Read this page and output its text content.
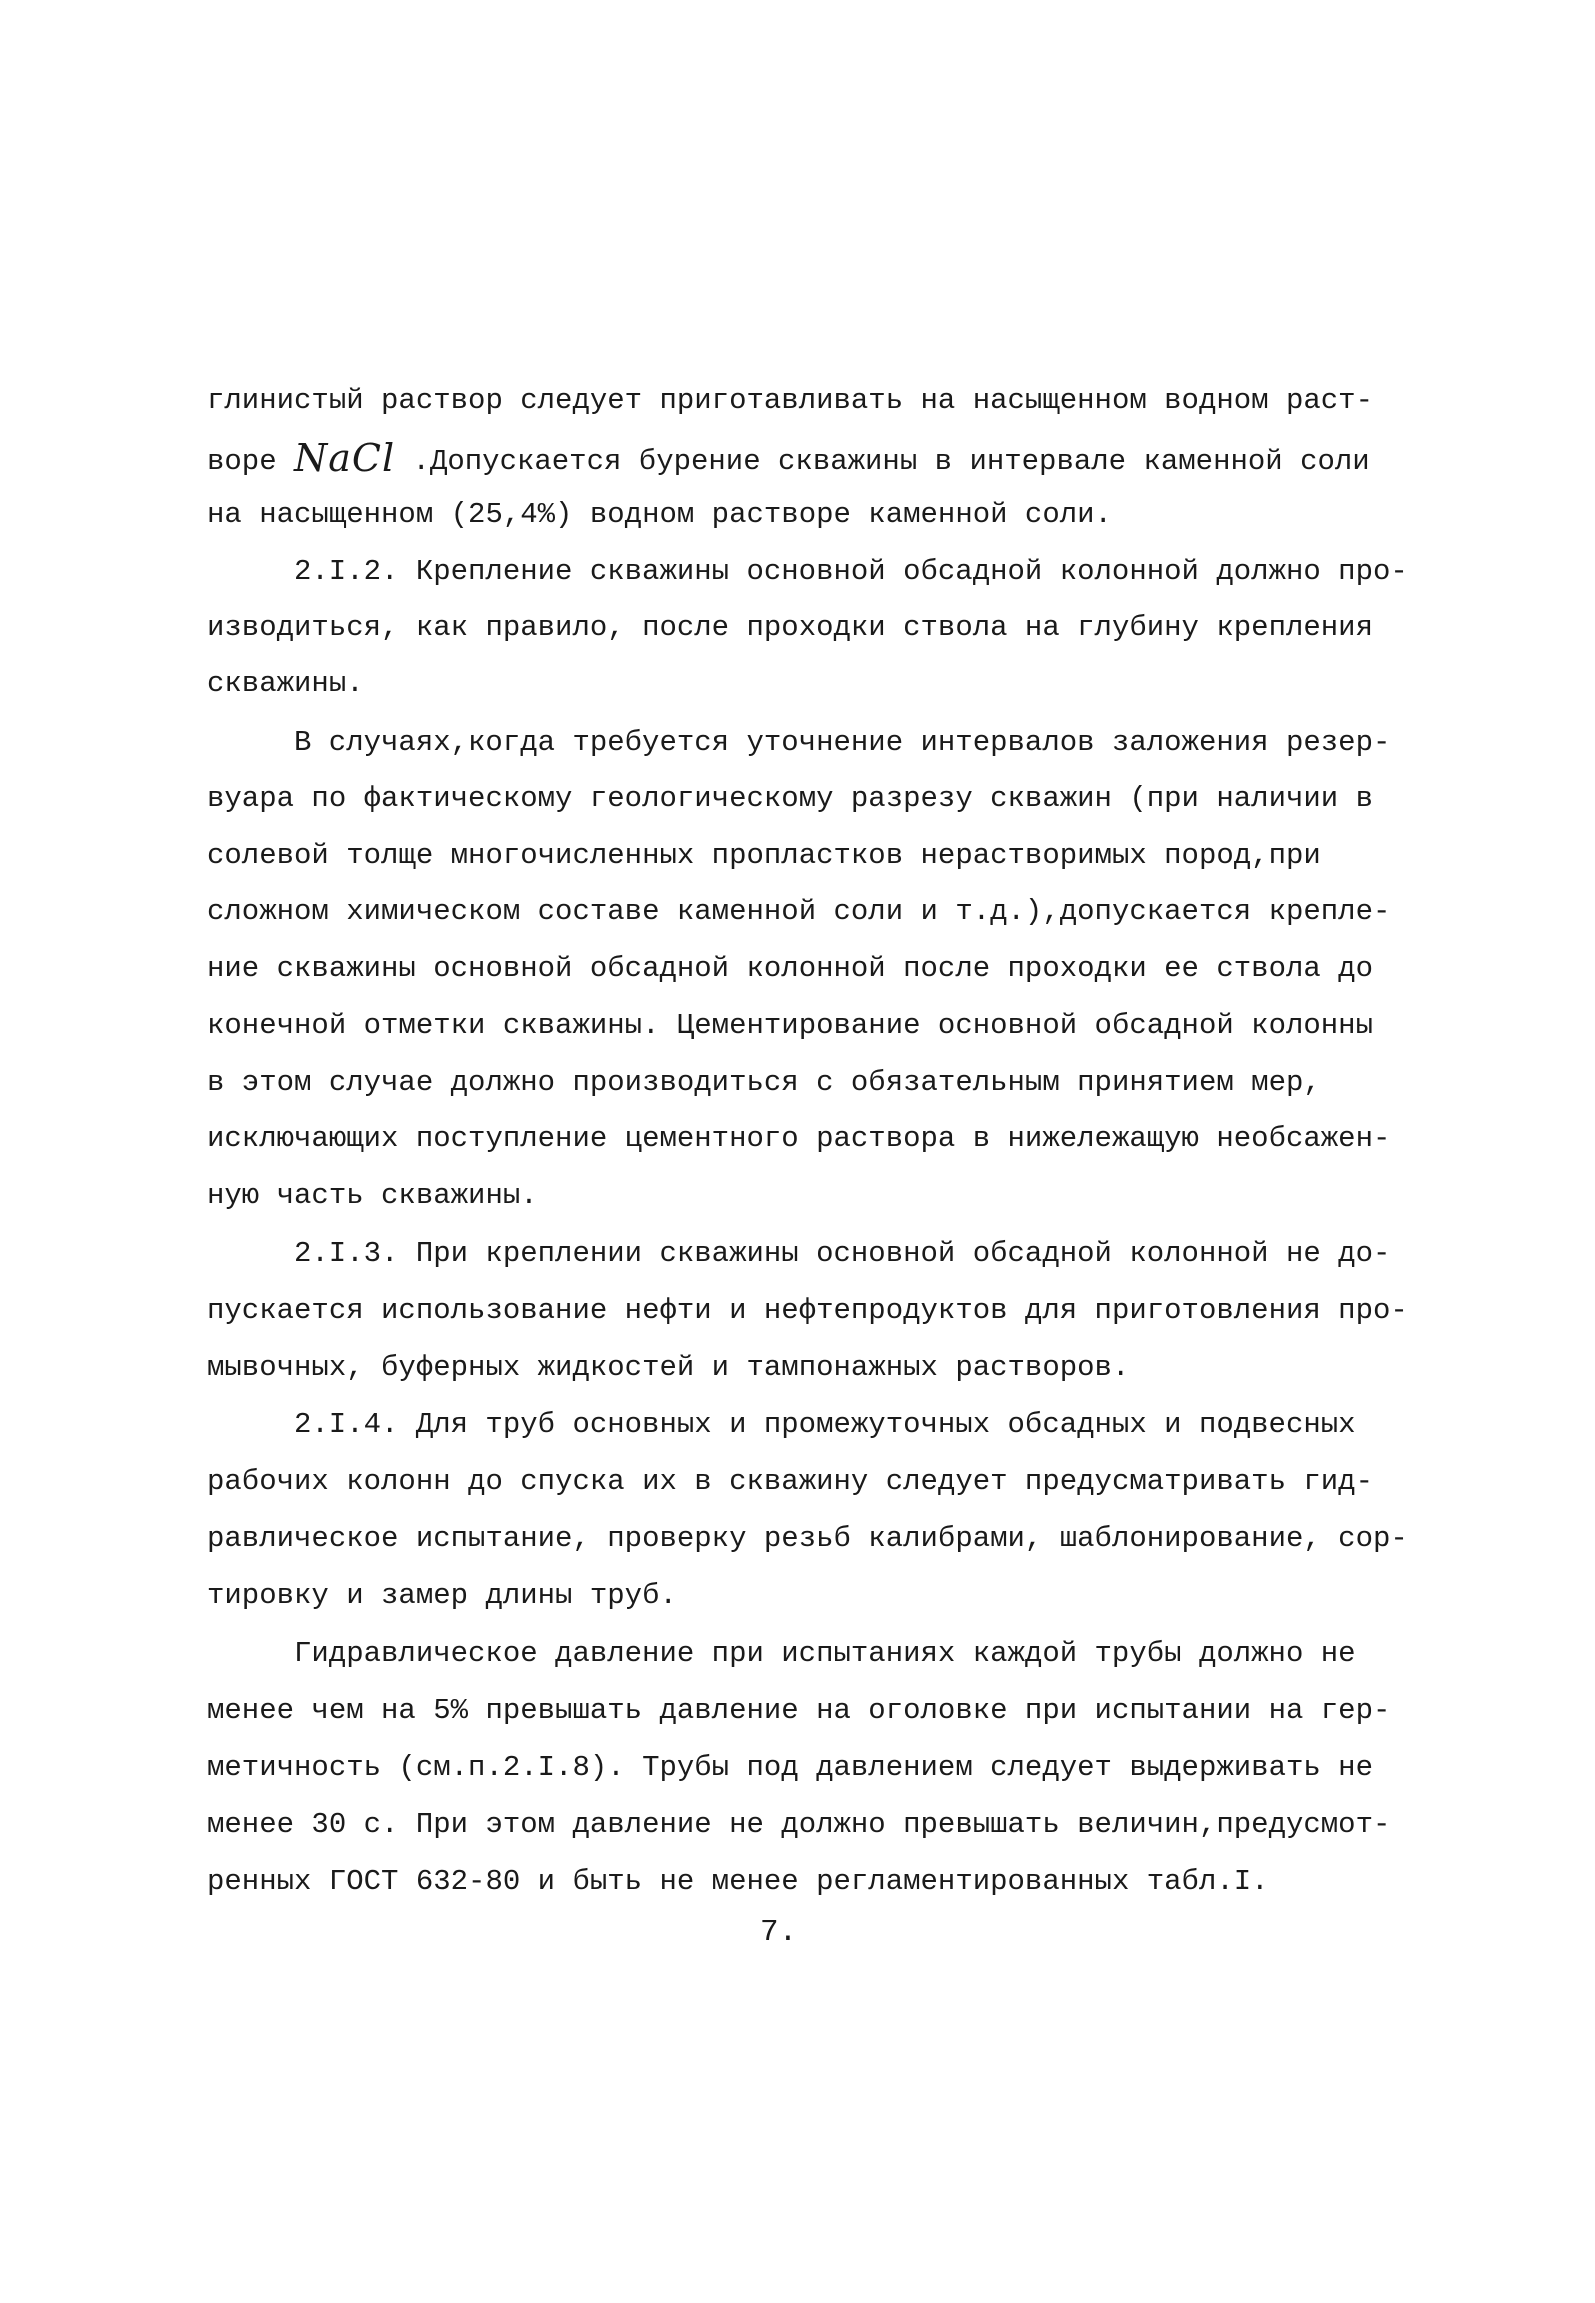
глинистый раствор следует приготавливать на насыщенном водном раст-
воре NaCl .Допускается бурение скважины в интервале каменной соли
на насыщенном (25,4%) водном растворе каменной соли.
2.I.2. Крепление скважины основной обсадной колонной должно про-
изводиться, как правило, после проходки ствола на глубину крепления
скважины.
В случаях,когда требуется уточнение интервалов заложения резер-
вуара по фактическому геологическому разрезу скважин (при наличии в
солевой толще многочисленных пропластков нерастворимых пород,при
сложном химическом составе каменной соли и т.д.),допускается крепле-
ние скважины основной обсадной колонной после проходки ее ствола до
конечной отметки скважины. Цементирование основной обсадной колонны
в этом случае должно производиться с обязательным принятием мер,
исключающих поступление цементного раствора в нижележащую необсажен-
ную часть скважины.
2.I.3. При креплении скважины основной обсадной колонной не до-
пускается использование нефти и нефтепродуктов для приготовления про-
мывочных, буферных жидкостей и тампонажных растворов.
2.I.4. Для труб основных и промежуточных обсадных и подвесных
рабочих колонн до спуска их в скважину следует предусматривать гид-
равлическое испытание, проверку резьб калибрами, шаблонирование, сор-
тировку и замер длины труб.
Гидравлическое давление при испытаниях каждой трубы должно не
менее чем на 5% превышать давление на оголовке при испытании на гер-
метичность (см.п.2.I.8). Трубы под давлением следует выдерживать не
менее 30 с. При этом давление не должно превышать величин,предусмот-
ренных ГОСТ 632-80 и быть не менее регламентированных табл.I.
7.
